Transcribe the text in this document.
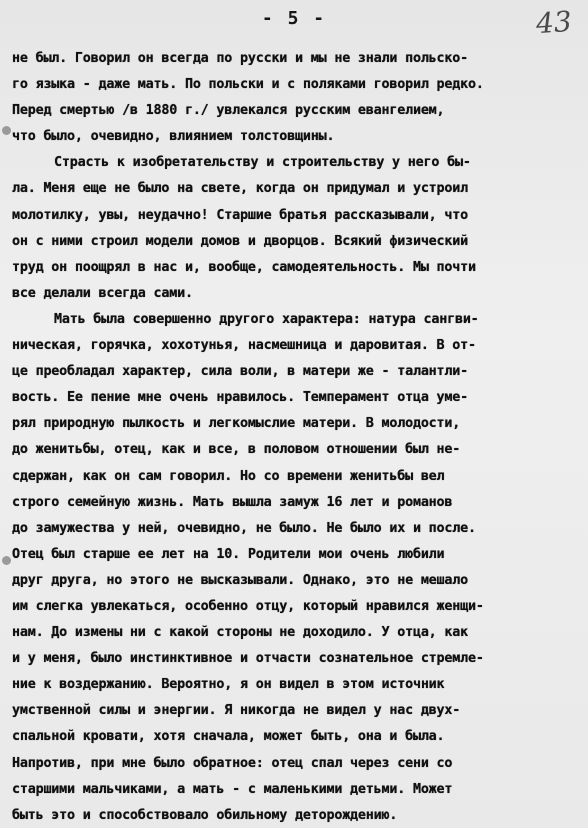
- 5 -	43
не был. Говорил он всегда по русски и мы не знали польско-
го языка - даже мать. По польски и с поляками говорил редко.
Перед смертью /в 1880 г./ увлекался русским евангелием,
что было, очевидно, влиянием толстовщины.
Страсть к изобретательству и строительству у него бы-
ла. Меня еще не было на свете, когда он придумал и устроил
молотилку, увы, неудачно! Старшие братья рассказывали, что
он с ними строил модели домов и дворцов. Всякий физический
труд он поощрял в нас и, вообще, самодеятельность. Мы почти
все делали всегда сами.
Мать была совершенно другого характера: натура сангви-
ническая, горячка, хохотунья, насмешница и даровитая. В от-
це преобладал характер, сила воли, в матери же - талантли-
вость. Ее пение мне очень нравилось. Темперамент отца уме-
рял природную пылкость и легкомыслие матери. В молодости,
до женитьбы, отец, как и все, в половом отношении был не-
сдержан, как он сам говорил. Но со времени женитьбы вел
строго семейную жизнь. Мать вышла замуж 16 лет и романов
до замужества у ней, очевидно, не было. Не было их и после.
Отец был старше ее лет на 10. Родители мои очень любили
друг друга, но этого не высказывали. Однако, это не мешало
им слегка увлекаться, особенно отцу, который нравился женщи-
нам. До измены ни с какой стороны не доходило. У отца, как
и у меня, было инстинктивное и отчасти сознательное стремле-
ние к воздержанию. Вероятно, я он видел в этом источник
умственной силы и энергии. Я никогда не видел у нас двух-
спальной кровати, хотя сначала, может быть, она и была.
Напротив, при мне было обратное: отец спал через сени со
старшими мальчиками, а мать - с маленькими детьми. Может
быть это и способствовало обильному деторождению.
